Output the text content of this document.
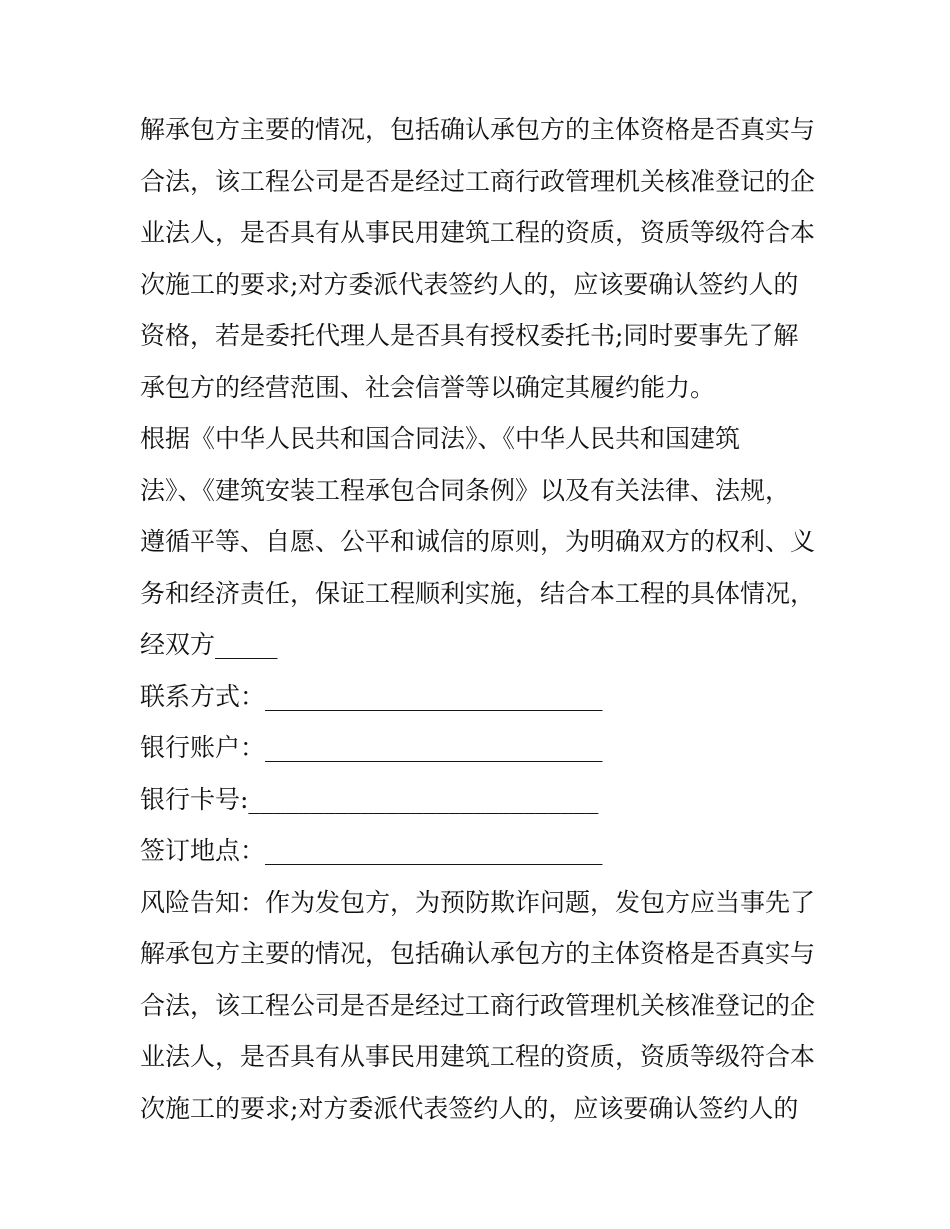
解承包方主要的情况，包括确认承包方的主体资格是否真实与
合法，该工程公司是否是经过工商行政管理机关核准登记的企
业法人，是否具有从事民用建筑工程的资质，资质等级符合本
次施工的要求;对方委派代表签约人的，应该要确认签约人的
资格，若是委托代理人是否具有授权委托书;同时要事先了解
承包方的经营范围、社会信誉等以确定其履约能力。
根据《中华人民共和国合同法》、《中华人民共和国建筑
法》、《建筑安装工程承包合同条例》以及有关法律、法规，
遵循平等、自愿、公平和诚信的原则，为明确双方的权利、义
务和经济责任，保证工程顺利实施，结合本工程的具体情况，
经双方_____
联系方式：___________________________
银行账户：___________________________
银行卡号:____________________________
签订地点：___________________________
风险告知：作为发包方，为预防欺诈问题，发包方应当事先了
解承包方主要的情况，包括确认承包方的主体资格是否真实与
合法，该工程公司是否是经过工商行政管理机关核准登记的企
业法人，是否具有从事民用建筑工程的资质，资质等级符合本
次施工的要求;对方委派代表签约人的，应该要确认签约人的
